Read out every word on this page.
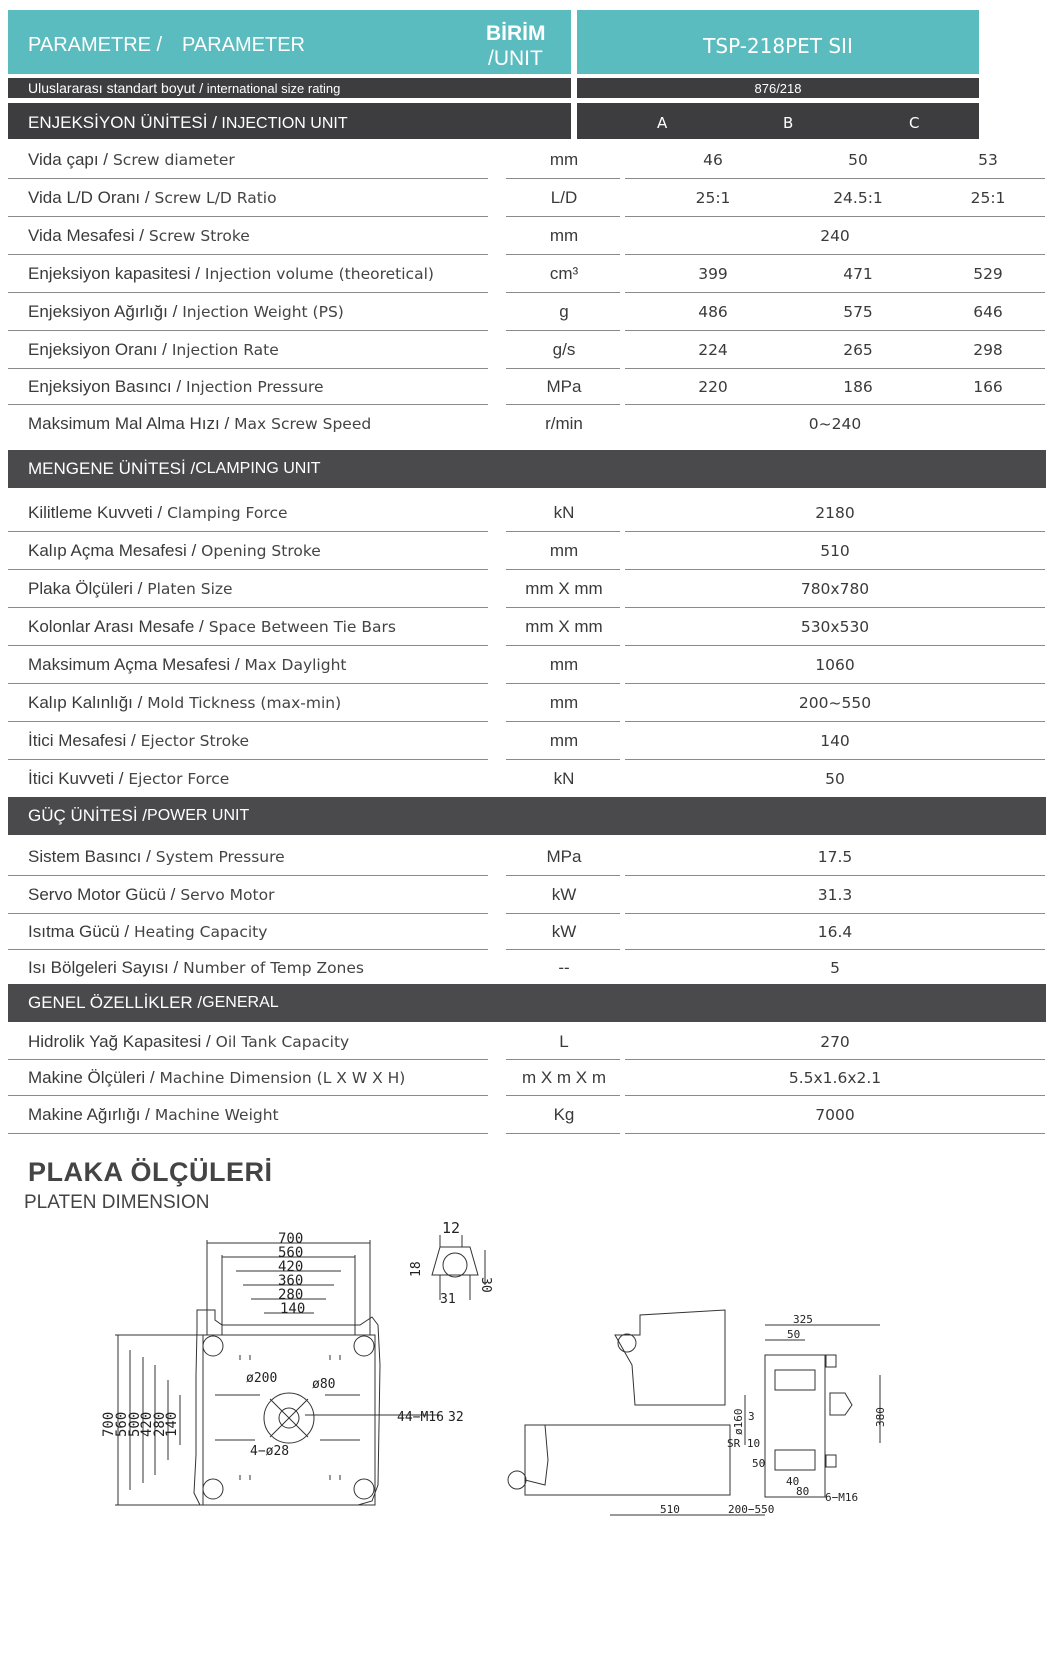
PARAMETRE / PARAMETER	BİRİM
/UNIT
TSP-218PET SII
Uluslararası standart boyut / international size rating	876/218
ENJEKSİYON ÜNİTESİ / INJECTION UNIT	A	B	C
Vida çapı / Screw diameter	mm	46	50	53
Vida L/D Oranı / Screw L/D Ratio	L/D	25:1	24.5:1	25:1
Vida Mesafesi / Screw Stroke	mm	240
Enjeksiyon kapasitesi / Injection volume (theoretical)	cm³	399	471	529
Enjeksiyon Ağırlığı / Injection Weight (PS)	g	486	575	646
Enjeksiyon Oranı / Injection Rate	g/s	224	265	298
Enjeksiyon Basıncı / Injection Pressure	MPa	220	186	166
Maksimum Mal Alma Hızı / Max Screw Speed	r/min	0~240
MENGENE ÜNİTESİ / CLAMPING UNIT
Kilitleme Kuvveti / Clamping Force	kN	2180
Kalıp Açma Mesafesi / Opening Stroke	mm	510
Plaka Ölçüleri / Platen Size	mm X mm	780x780
Kolonlar Arası Mesafe / Space Between Tie Bars	mm X mm	530x530
Maksimum Açma Mesafesi / Max Daylight	mm	1060
Kalıp Kalınlığı / Mold Tickness (max-min)	mm	200~550
İtici Mesafesi / Ejector Stroke	mm	140
İtici Kuvveti / Ejector Force	kN	50
GÜÇ ÜNİTESİ / POWER UNIT
Sistem Basıncı / System Pressure	MPa	17.5
Servo Motor Gücü / Servo Motor	kW	31.3
Isıtma Gücü / Heating Capacity	kW	16.4
Isı Bölgeleri Sayısı / Number of Temp Zones	--	5
GENEL ÖZELLİKLER / GENERAL
Hidrolik Yağ Kapasitesi / Oil Tank Capacity	L	270
Makine Ölçüleri / Machine Dimension (L X W X H)	m X m X m	5.5x1.6x2.1
Makine Ağırlığı / Machine Weight	Kg	7000
PLAKA ÖLÇÜLERİ
PLATEN DIMENSION
700
560
420
360
280
140
700
560
500
420
280
140
ø200	ø80
44−M16 32
4−ø28
12
18
30
31
325
50
ø160 3
SR 10
380
50
40
80 6−M16
510	200−550
